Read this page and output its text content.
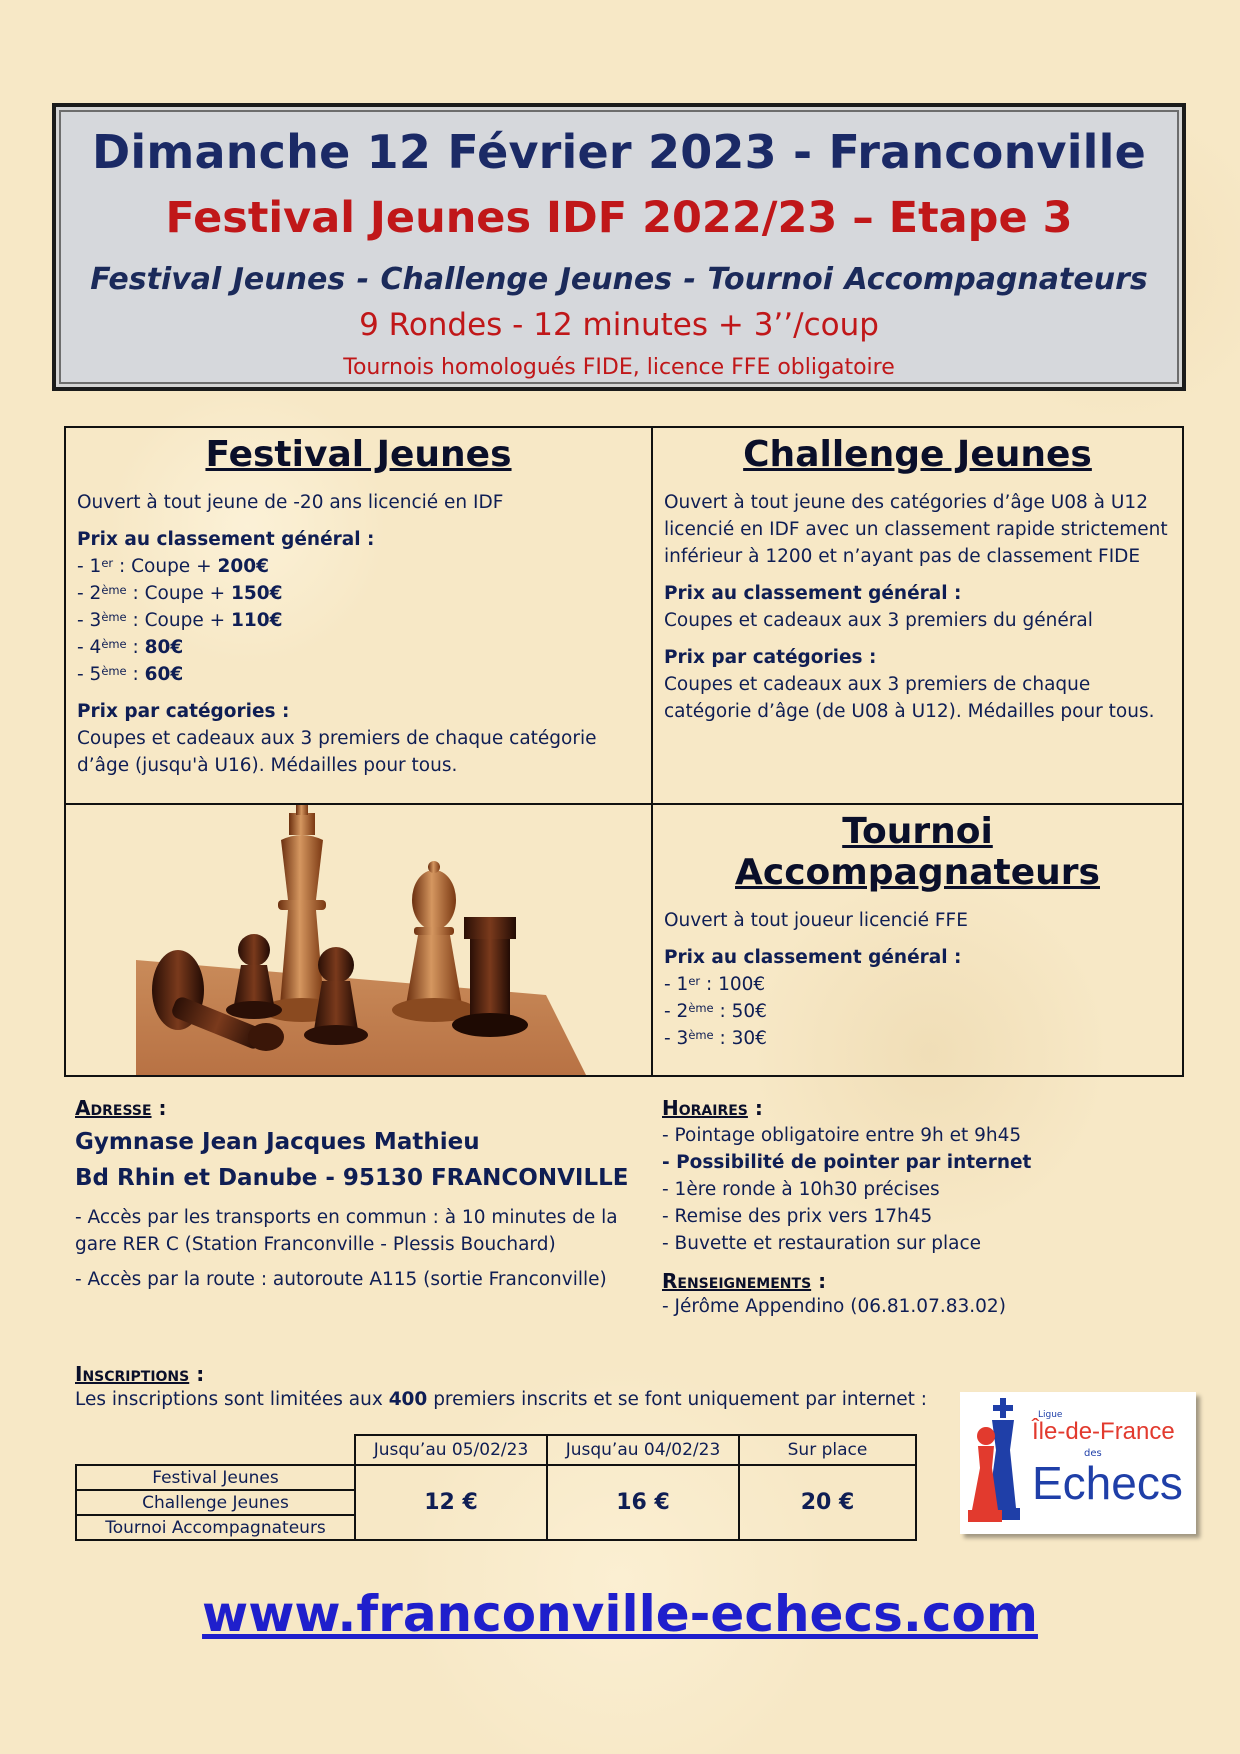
Dimanche 12 Février 2023 - Franconville
Festival Jeunes IDF 2022/23 – Etape 3
Festival Jeunes - Challenge Jeunes - Tournoi Accompagnateurs
9 Rondes - 12 minutes + 3’’/coup
Tournois homologués FIDE, licence FFE obligatoire
Festival Jeunes
Ouvert à tout jeune de -20 ans licencié en IDF
Prix au classement général :
- 1er : Coupe + 200€
- 2ème : Coupe + 150€
- 3ème : Coupe + 110€
- 4ème : 80€
- 5ème : 60€
Prix par catégories :
Coupes et cadeaux aux 3 premiers de chaque catégorie
d’âge (jusqu'à U16). Médailles pour tous.
Challenge Jeunes
Ouvert à tout jeune des catégories d’âge U08 à U12
licencié en IDF avec un classement rapide strictement
inférieur à 1200 et n’ayant pas de classement FIDE
Prix au classement général :
Coupes et cadeaux aux 3 premiers du général
Prix par catégories :
Coupes et cadeaux aux 3 premiers de chaque
catégorie d’âge (de U08 à U12). Médailles pour tous.
Tournoi Accompagnateurs
Ouvert à tout joueur licencié FFE
Prix au classement général :
- 1er : 100€
- 2ème : 50€
- 3ème : 30€
Adresse :
Gymnase Jean Jacques Mathieu
Bd Rhin et Danube - 95130 FRANCONVILLE
- Accès par les transports en commun : à 10 minutes de la
gare RER C (Station Franconville - Plessis Bouchard)
- Accès par la route : autoroute A115 (sortie Franconville)
Horaires :
- Pointage obligatoire entre 9h et 9h45
- Possibilité de pointer par internet
- 1ère ronde à 10h30 précises
- Remise des prix vers 17h45
- Buvette et restauration sur place
Renseignements :
- Jérôme Appendino (06.81.07.83.02)
Inscriptions :
Les inscriptions sont limitées aux 400 premiers inscrits et se font uniquement par internet :
	Jusqu’au 05/02/23	Jusqu’au 04/02/23	Sur place
Festival Jeunes	12 €	16 €	20 €
Challenge Jeunes			
Tournoi Accompagnateurs			
Ligue
Île-de-France
des
Echecs
www.franconville-echecs.com
